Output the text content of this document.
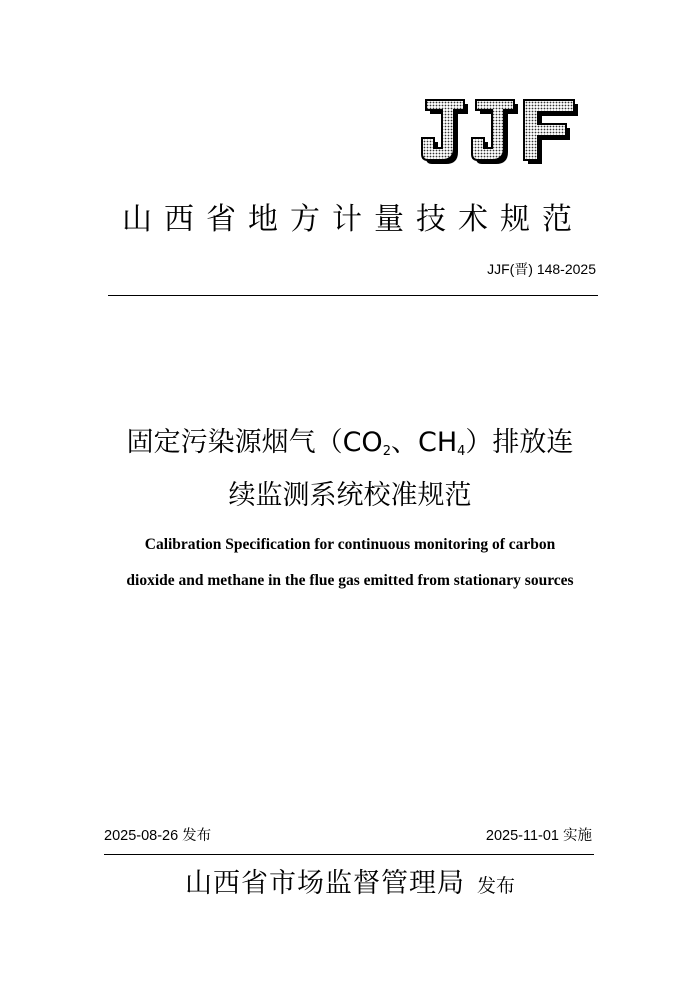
山西省地方计量技术规范
JJF(晋) 148-2025
固定污染源烟气（$CO_2$、$CH_4$）排放连
续监测系统校准规范
Calibration Specification for continuous monitoring of carbon
dioxide and methane in the flue gas emitted from stationary sources
2025-08-26 发布	2025-11-01 实施
山西省市场监督管理局 发布
